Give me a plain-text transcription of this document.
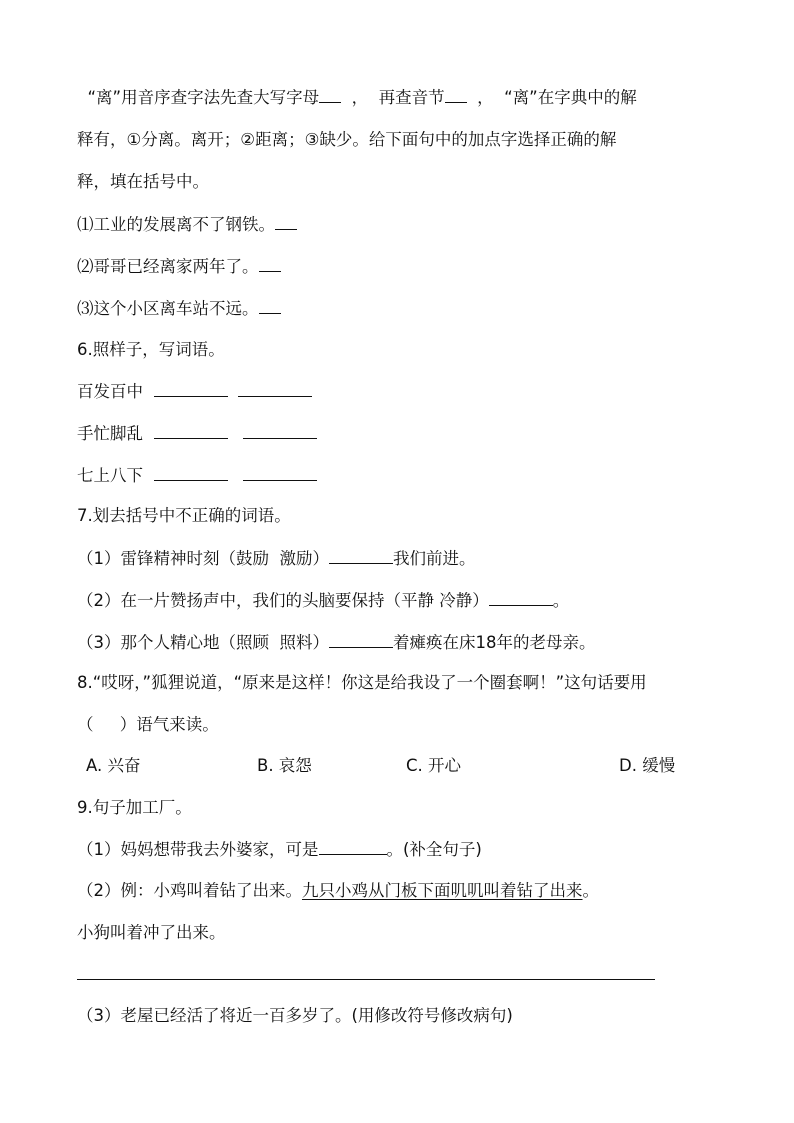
“离”用音序查字法先查大写字母 ， 再查音节 ， “离”在字典中的解
释有，①分离。离开；②距离；③缺少。给下面句中的加点字选择正确的解
释，填在括号中。
⑴工业的发展离不了钢铁。
⑵哥哥已经离家两年了。
⑶这个小区离车站不远。
6.照样子，写词语。
百发百中
手忙脚乱
七上八下
7.划去括号中不正确的词语。
（1）雷锋精神时刻（鼓励  激励）	我们前进。
（2）在一片赞扬声中，我们的头脑要保持（平静 冷静）	。
（3）那个人精心地（照顾  照料）	着瘫痪在床18年的老母亲。
8.“哎呀，”狐狸说道，“原来是这样！你这是给我设了一个圈套啊！”这句话要用
（     ）语气来读。
A. 兴奋	B. 哀怨	C. 开心	D. 缓慢
9.句子加工厂。
（1）妈妈想带我去外婆家，可是	。(补全句子)
（2）例：小鸡叫着钻了出来。九只小鸡从门板下面叽叽叫着钻了出来。
小狗叫着冲了出来。
（3）老屋已经活了将近一百多岁了。(用修改符号修改病句)
